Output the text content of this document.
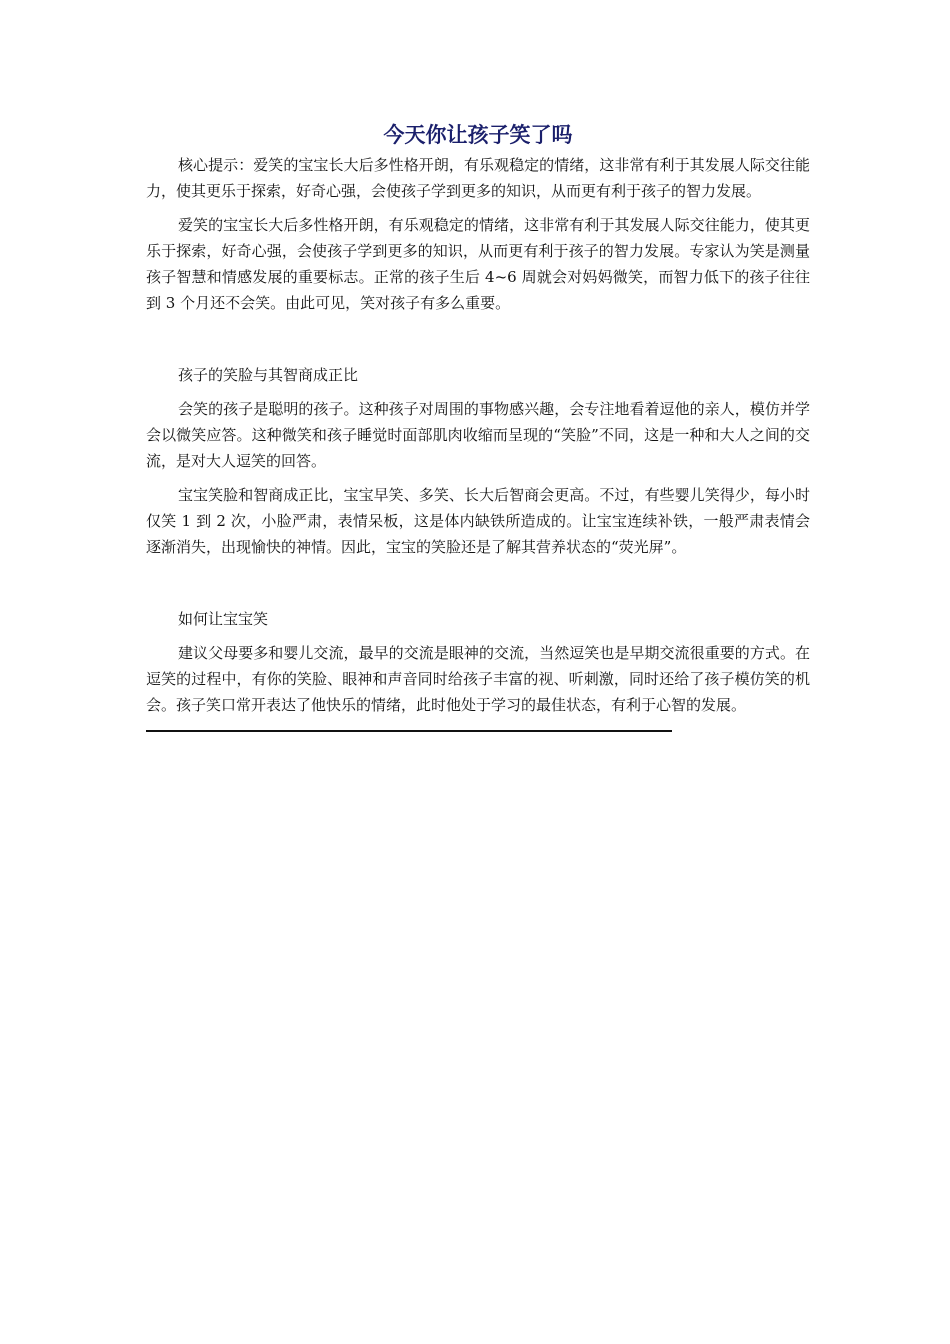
今天你让孩子笑了吗

核心提示：爱笑的宝宝长大后多性格开朗，有乐观稳定的情绪，这非常有利于其发展人际交往能力，使其更乐于探索，好奇心强，会使孩子学到更多的知识，从而更有利于孩子的智力发展。

爱笑的宝宝长大后多性格开朗，有乐观稳定的情绪，这非常有利于其发展人际交往能力，使其更乐于探索，好奇心强，会使孩子学到更多的知识，从而更有利于孩子的智力发展。专家认为笑是测量孩子智慧和情感发展的重要标志。正常的孩子生后 4~6 周就会对妈妈微笑，而智力低下的孩子往往到 3 个月还不会笑。由此可见，笑对孩子有多么重要。

孩子的笑脸与其智商成正比

会笑的孩子是聪明的孩子。这种孩子对周围的事物感兴趣，会专注地看着逗他的亲人，模仿并学会以微笑应答。这种微笑和孩子睡觉时面部肌肉收缩而呈现的“笑脸”不同，这是一种和大人之间的交流，是对大人逗笑的回答。

宝宝笑脸和智商成正比，宝宝早笑、多笑、长大后智商会更高。不过，有些婴儿笑得少，每小时仅笑 1 到 2 次，小脸严肃，表情呆板，这是体内缺铁所造成的。让宝宝连续补铁，一般严肃表情会逐渐消失，出现愉快的神情。因此，宝宝的笑脸还是了解其营养状态的“荧光屏”。

如何让宝宝笑

建议父母要多和婴儿交流，最早的交流是眼神的交流，当然逗笑也是早期交流很重要的方式。在逗笑的过程中，有你的笑脸、眼神和声音同时给孩子丰富的视、听刺激，同时还给了孩子模仿笑的机会。孩子笑口常开表达了他快乐的情绪，此时他处于学习的最佳状态，有利于心智的发展。
